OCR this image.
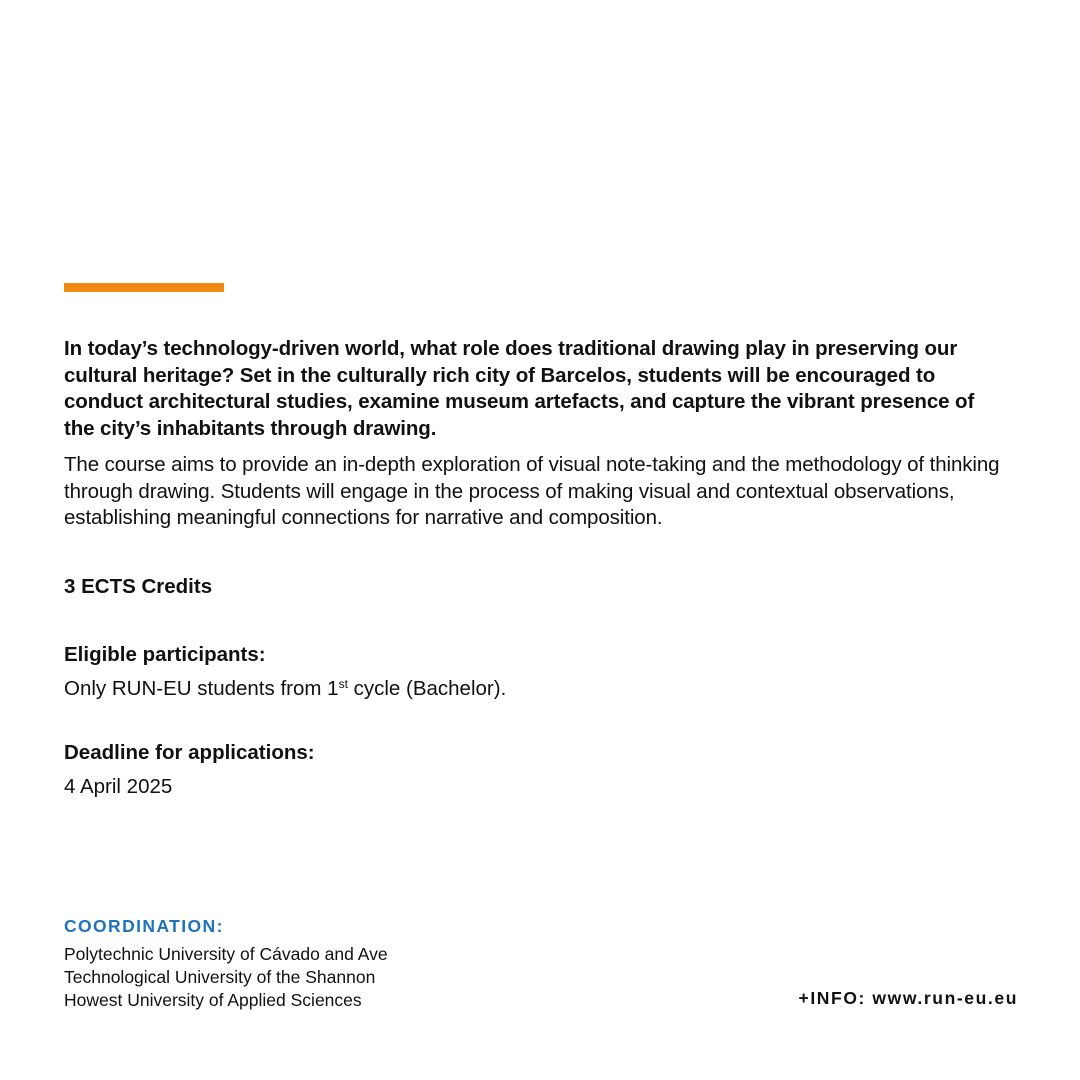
In today’s technology-driven world, what role does traditional drawing play in preserving our cultural heritage? Set in the culturally rich city of Barcelos, students will be encouraged to conduct architectural studies, examine museum artefacts, and capture the vibrant presence of the city’s inhabitants through drawing.

The course aims to provide an in-depth exploration of visual note-taking and the methodology of thinking through drawing. Students will engage in the process of making visual and contextual observations, establishing meaningful connections for narrative and composition.

3 ECTS Credits

Eligible participants:

Only RUN-EU students from 1st cycle (Bachelor).

Deadline for applications:

4 April 2025

COORDINATION:

Polytechnic University of Cávado and Ave
Technological University of the Shannon
Howest University of Applied Sciences	+INFO: www.run-eu.eu
